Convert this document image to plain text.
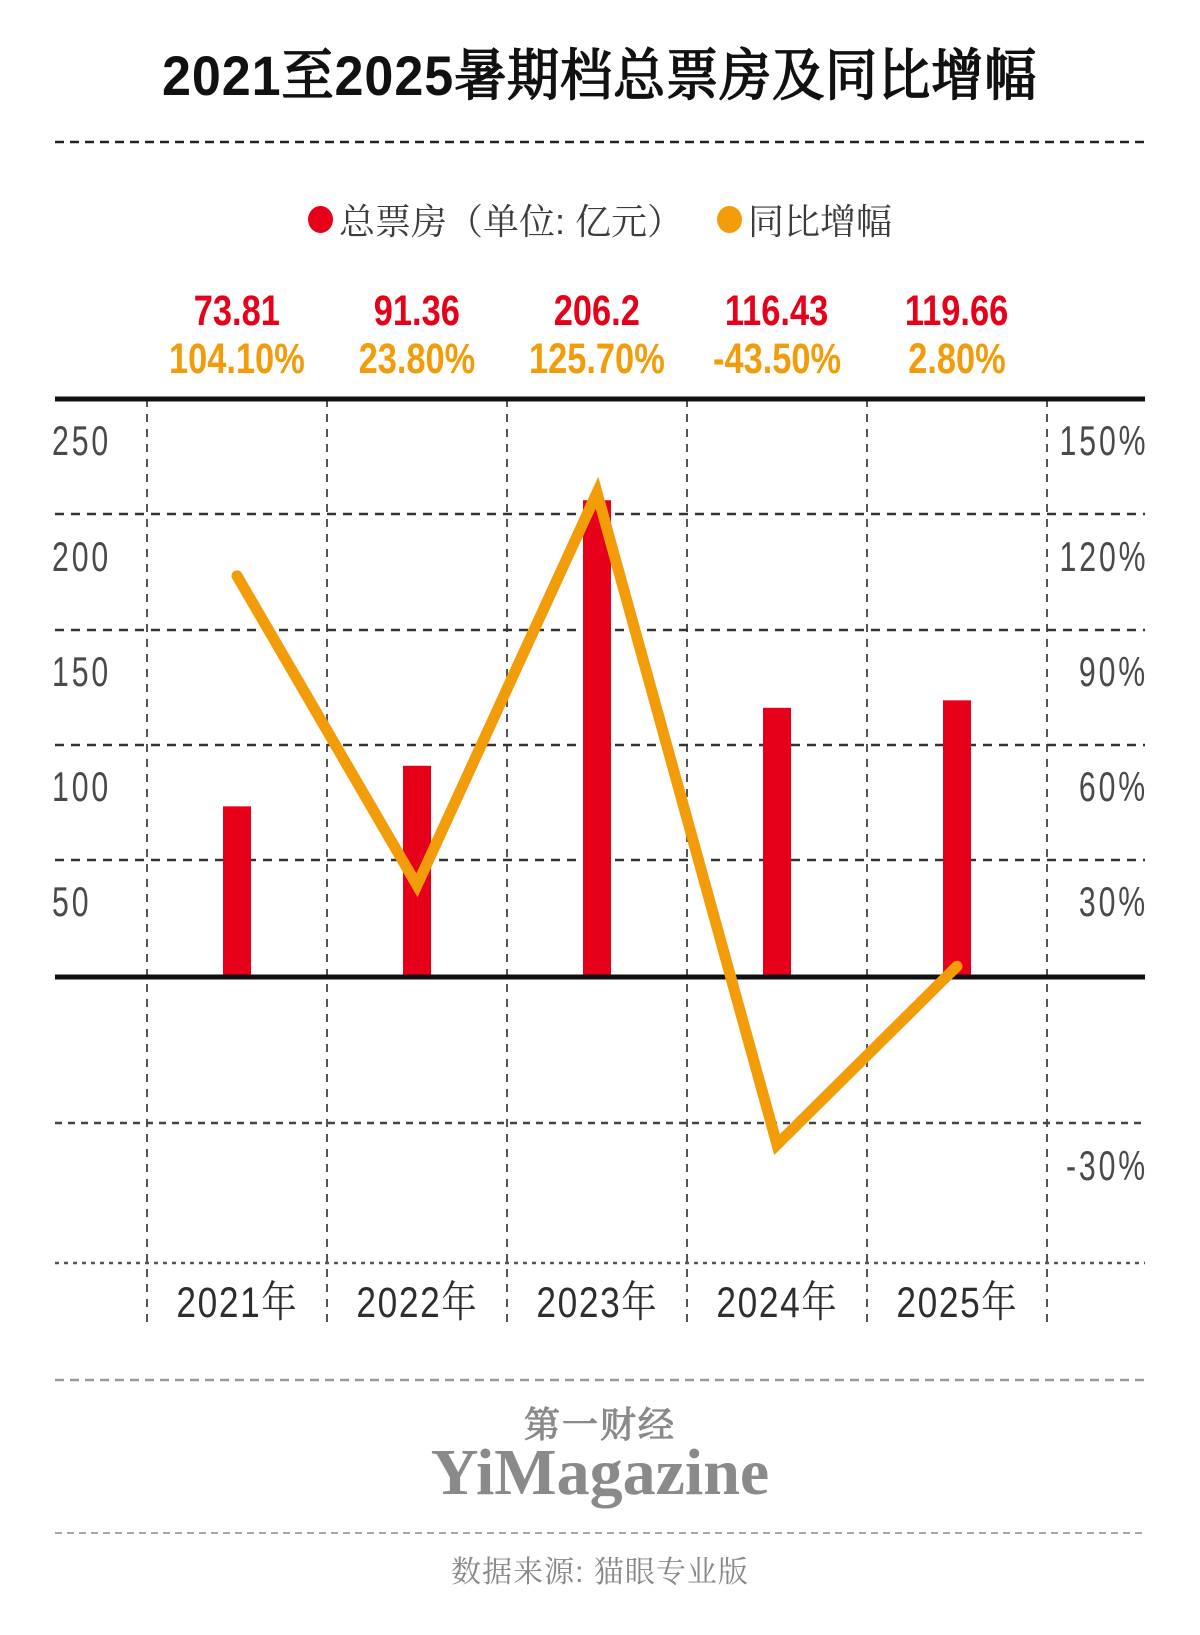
2021至2025暑期档总票房及同比增幅
总票房（单位: 亿元） 同比增幅
73.81
104.10%
91.36
23.80%
206.2
125.70%
116.43
-43.50%
119.66
2.80%
250
200
150
100
50
150%
120%
90%
60%
30%
-30%
2021年	2022年	2023年	2024年	2025年
第一财经
YiMagazine
数据来源: 猫眼专业版
